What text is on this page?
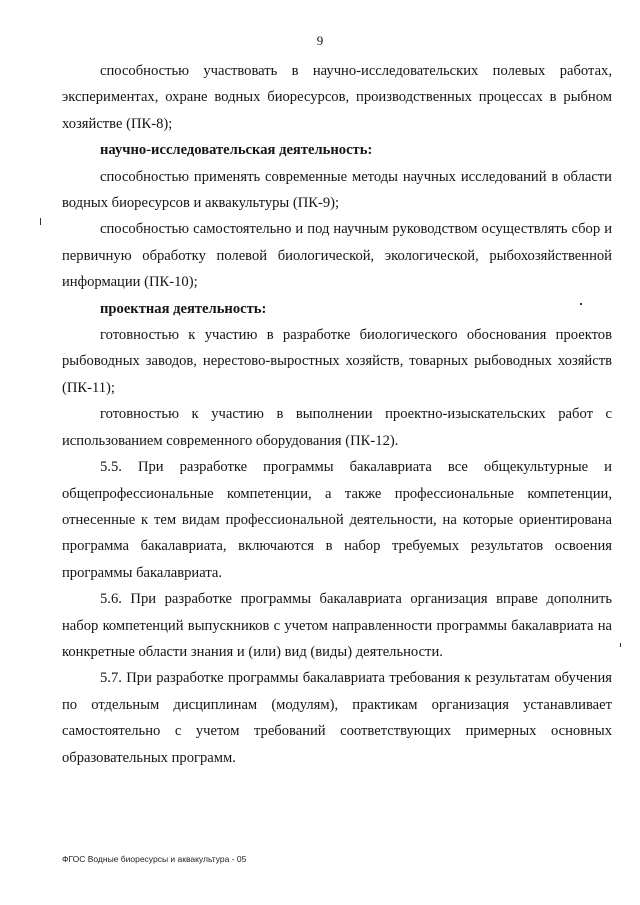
9

способностью участвовать в научно-исследовательских полевых работах, экспериментах, охране водных биоресурсов, производственных процессах в рыбном хозяйстве (ПК-8);

научно-исследовательская деятельность:

способностью применять современные методы научных исследований в области водных биоресурсов и аквакультуры (ПК-9);

способностью самостоятельно и под научным руководством осуществлять сбор и первичную обработку полевой биологической, экологической, рыбохозяйственной информации (ПК-10);

проектная деятельность:

готовностью к участию в разработке биологического обоснования проектов рыбоводных заводов, нерестово-выростных хозяйств, товарных рыбоводных хозяйств (ПК-11);

готовностью к участию в выполнении проектно-изыскательских работ с использованием современного оборудования (ПК-12).

5.5. При разработке программы бакалавриата все общекультурные и общепрофессиональные компетенции, а также профессиональные компетенции, отнесенные к тем видам профессиональной деятельности, на которые ориентирована программа бакалавриата, включаются в набор требуемых результатов освоения программы бакалавриата.

5.6. При разработке программы бакалавриата организация вправе дополнить набор компетенций выпускников с учетом направленности программы бакалавриата на конкретные области знания и (или) вид (виды) деятельности.

5.7. При разработке программы бакалавриата требования к результатам обучения по отдельным дисциплинам (модулям), практикам организация устанавливает самостоятельно с учетом требований соответствующих примерных основных образовательных программ.

ФГОС Водные биоресурсы и аквакультура - 05
